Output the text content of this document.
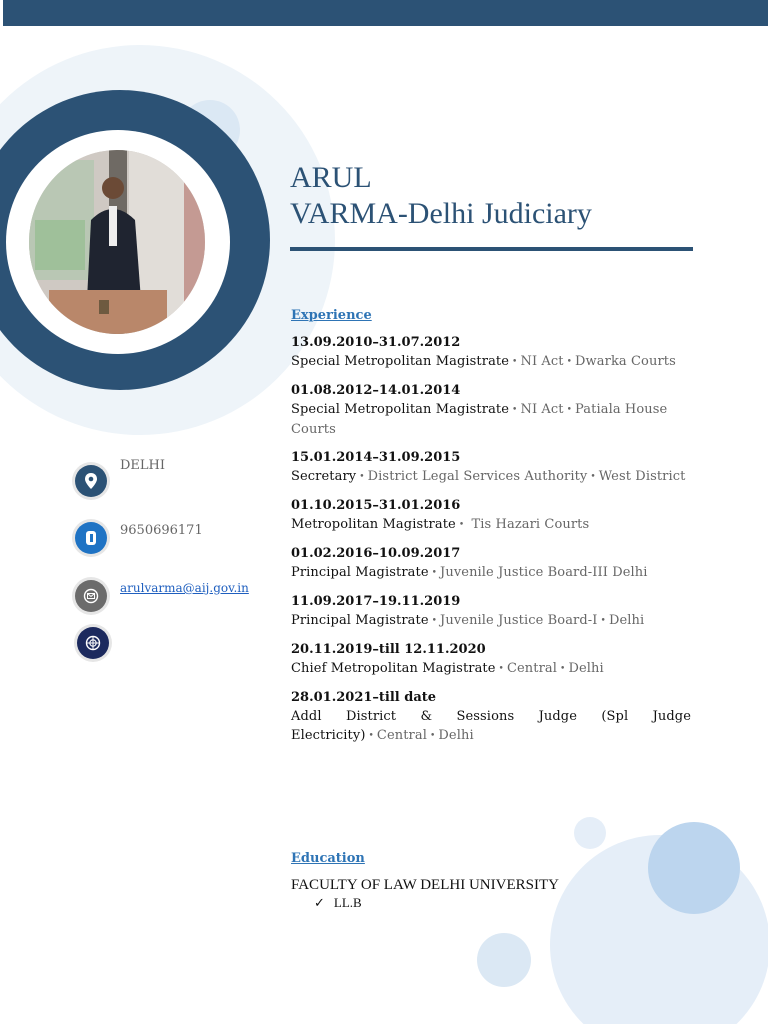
ARUL
VARMA-Delhi Judiciary
DELHI
9650696171
arulvarma@aij.gov.in
Experience
13.09.2010–31.07.2012
Special Metropolitan Magistrate • NI Act • Dwarka Courts
01.08.2012–14.01.2014
Special Metropolitan Magistrate • NI Act • Patiala House Courts
15.01.2014–31.09.2015
Secretary • District Legal Services Authority • West District
01.10.2015–31.01.2016
Metropolitan Magistrate • Tis Hazari Courts
01.02.2016–10.09.2017
Principal Magistrate • Juvenile Justice Board-III Delhi
11.09.2017–19.11.2019
Principal Magistrate • Juvenile Justice Board-I • Delhi
20.11.2019–till 12.11.2020
Chief Metropolitan Magistrate • Central • Delhi
28.01.2021–till date
Addl District & Sessions Judge (Spl Judge Electricity) • Central • Delhi
Education
FACULTY OF LAW DELHI UNIVERSITY
✓ LL.B
